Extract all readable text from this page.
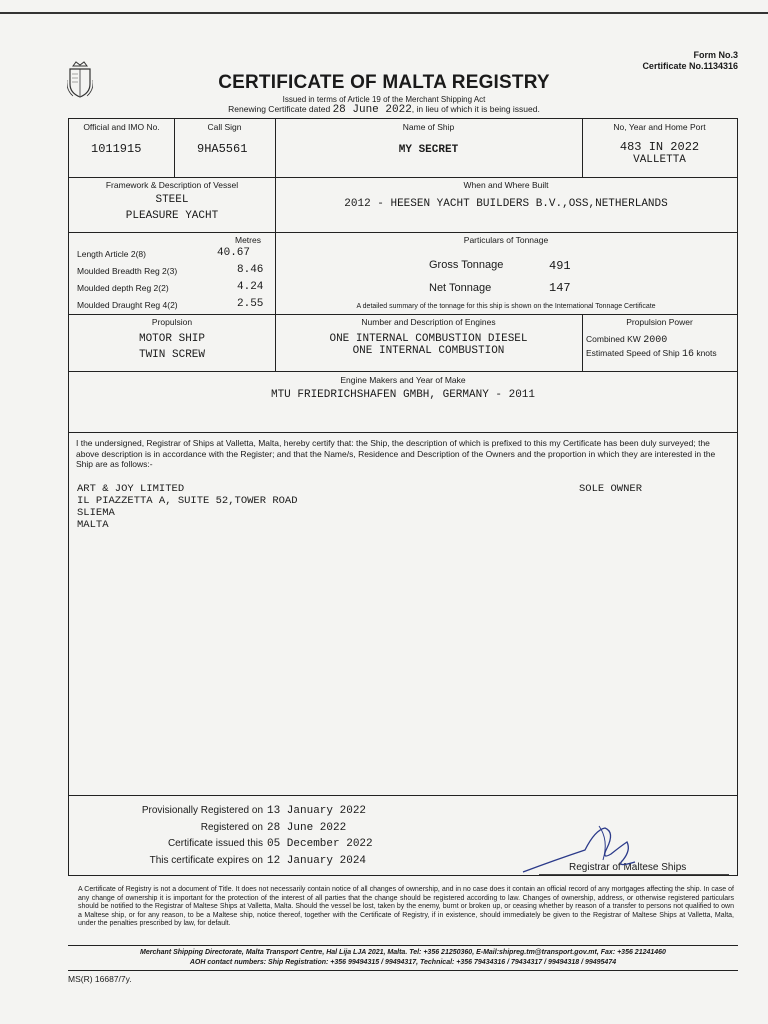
Form No.3
Certificate No.1134316
CERTIFICATE OF MALTA REGISTRY
Issued in terms of Article 19 of the Merchant Shipping Act
Renewing Certificate dated 28 June 2022, in lieu of which it is being issued.
Official and IMO No.
1011915
Call Sign
9HA5561
Name of Ship
MY SECRET
No, Year and Home Port
483 IN 2022
VALLETTA
Framework & Description of Vessel
STEEL
PLEASURE YACHT
When and Where Built
2012 - HEESEN YACHT BUILDERS B.V.,OSS,NETHERLANDS
Metres
Length Article 2(8)	40.67
Moulded Breadth Reg 2(3)	8.46
Moulded depth Reg 2(2)	4.24
Moulded Draught Reg 4(2)	2.55
Particulars of Tonnage
Gross Tonnage	491
Net Tonnage	147
A detailed summary of the tonnage for this ship is shown on the International Tonnage Certificate
Propulsion
MOTOR SHIP
TWIN SCREW
Number and Description of Engines
ONE INTERNAL COMBUSTION DIESEL
ONE INTERNAL COMBUSTION
Propulsion Power
Combined KW 2000
Estimated Speed of Ship 16 knots
Engine Makers and Year of Make
MTU FRIEDRICHSHAFEN GMBH, GERMANY - 2011
ART & JOY LIMITED
IL PIAZZETTA A, SUITE 52,TOWER ROAD
SLIEMA
MALTA
SOLE OWNER
Provisionally Registered on 13 January 2022
Registered on 28 June 2022
Certificate issued this 05 December 2022
This certificate expires on 12 January 2024
Registrar of Maltese Ships
I the undersigned, Registrar of Ships at Valletta, Malta, hereby certify that: the Ship, the description of which is prefixed to this my Certificate has been duly surveyed; the above description is in accordance with the Register; and that the Name/s, Residence and Description of the Owners and the proportion in which they are interested in the Ship are as follows:-
A Certificate of Registry is not a document of Title. It does not necessarily contain notice of all changes of ownership, and in no case does it contain an official record of any mortgages affecting the ship. In case of any change of ownership it is important for the protection of the interest of all parties that the change should be registered according to law. Changes of ownership, address, or otherwise registered particulars should be notified to the Registrar of Maltese Ships at Valletta, Malta. Should the vessel be lost, taken by the enemy, burnt or broken up, or ceasing whether by reason of a transfer to persons not qualified to own a Maltese ship, or for any reason, to be a Maltese ship, notice thereof, together with the Certificate of Registry, if in existence, should immediately be given to the Registrar of Maltese Ships at Valletta, Malta, under the penalties prescribed by law, for default.
Merchant Shipping Directorate, Malta Transport Centre, Hal Lija LJA 2021, Malta. Tel: +356 21250360, E-Mail:shipreg.tm@transport.gov.mt, Fax: +356 21241460
AOH contact numbers: Ship Registration: +356 99494315 / 99494317, Technical: +356 79434316 / 79434317 / 99494318 / 99495474
MS(R) 16687/7y.
